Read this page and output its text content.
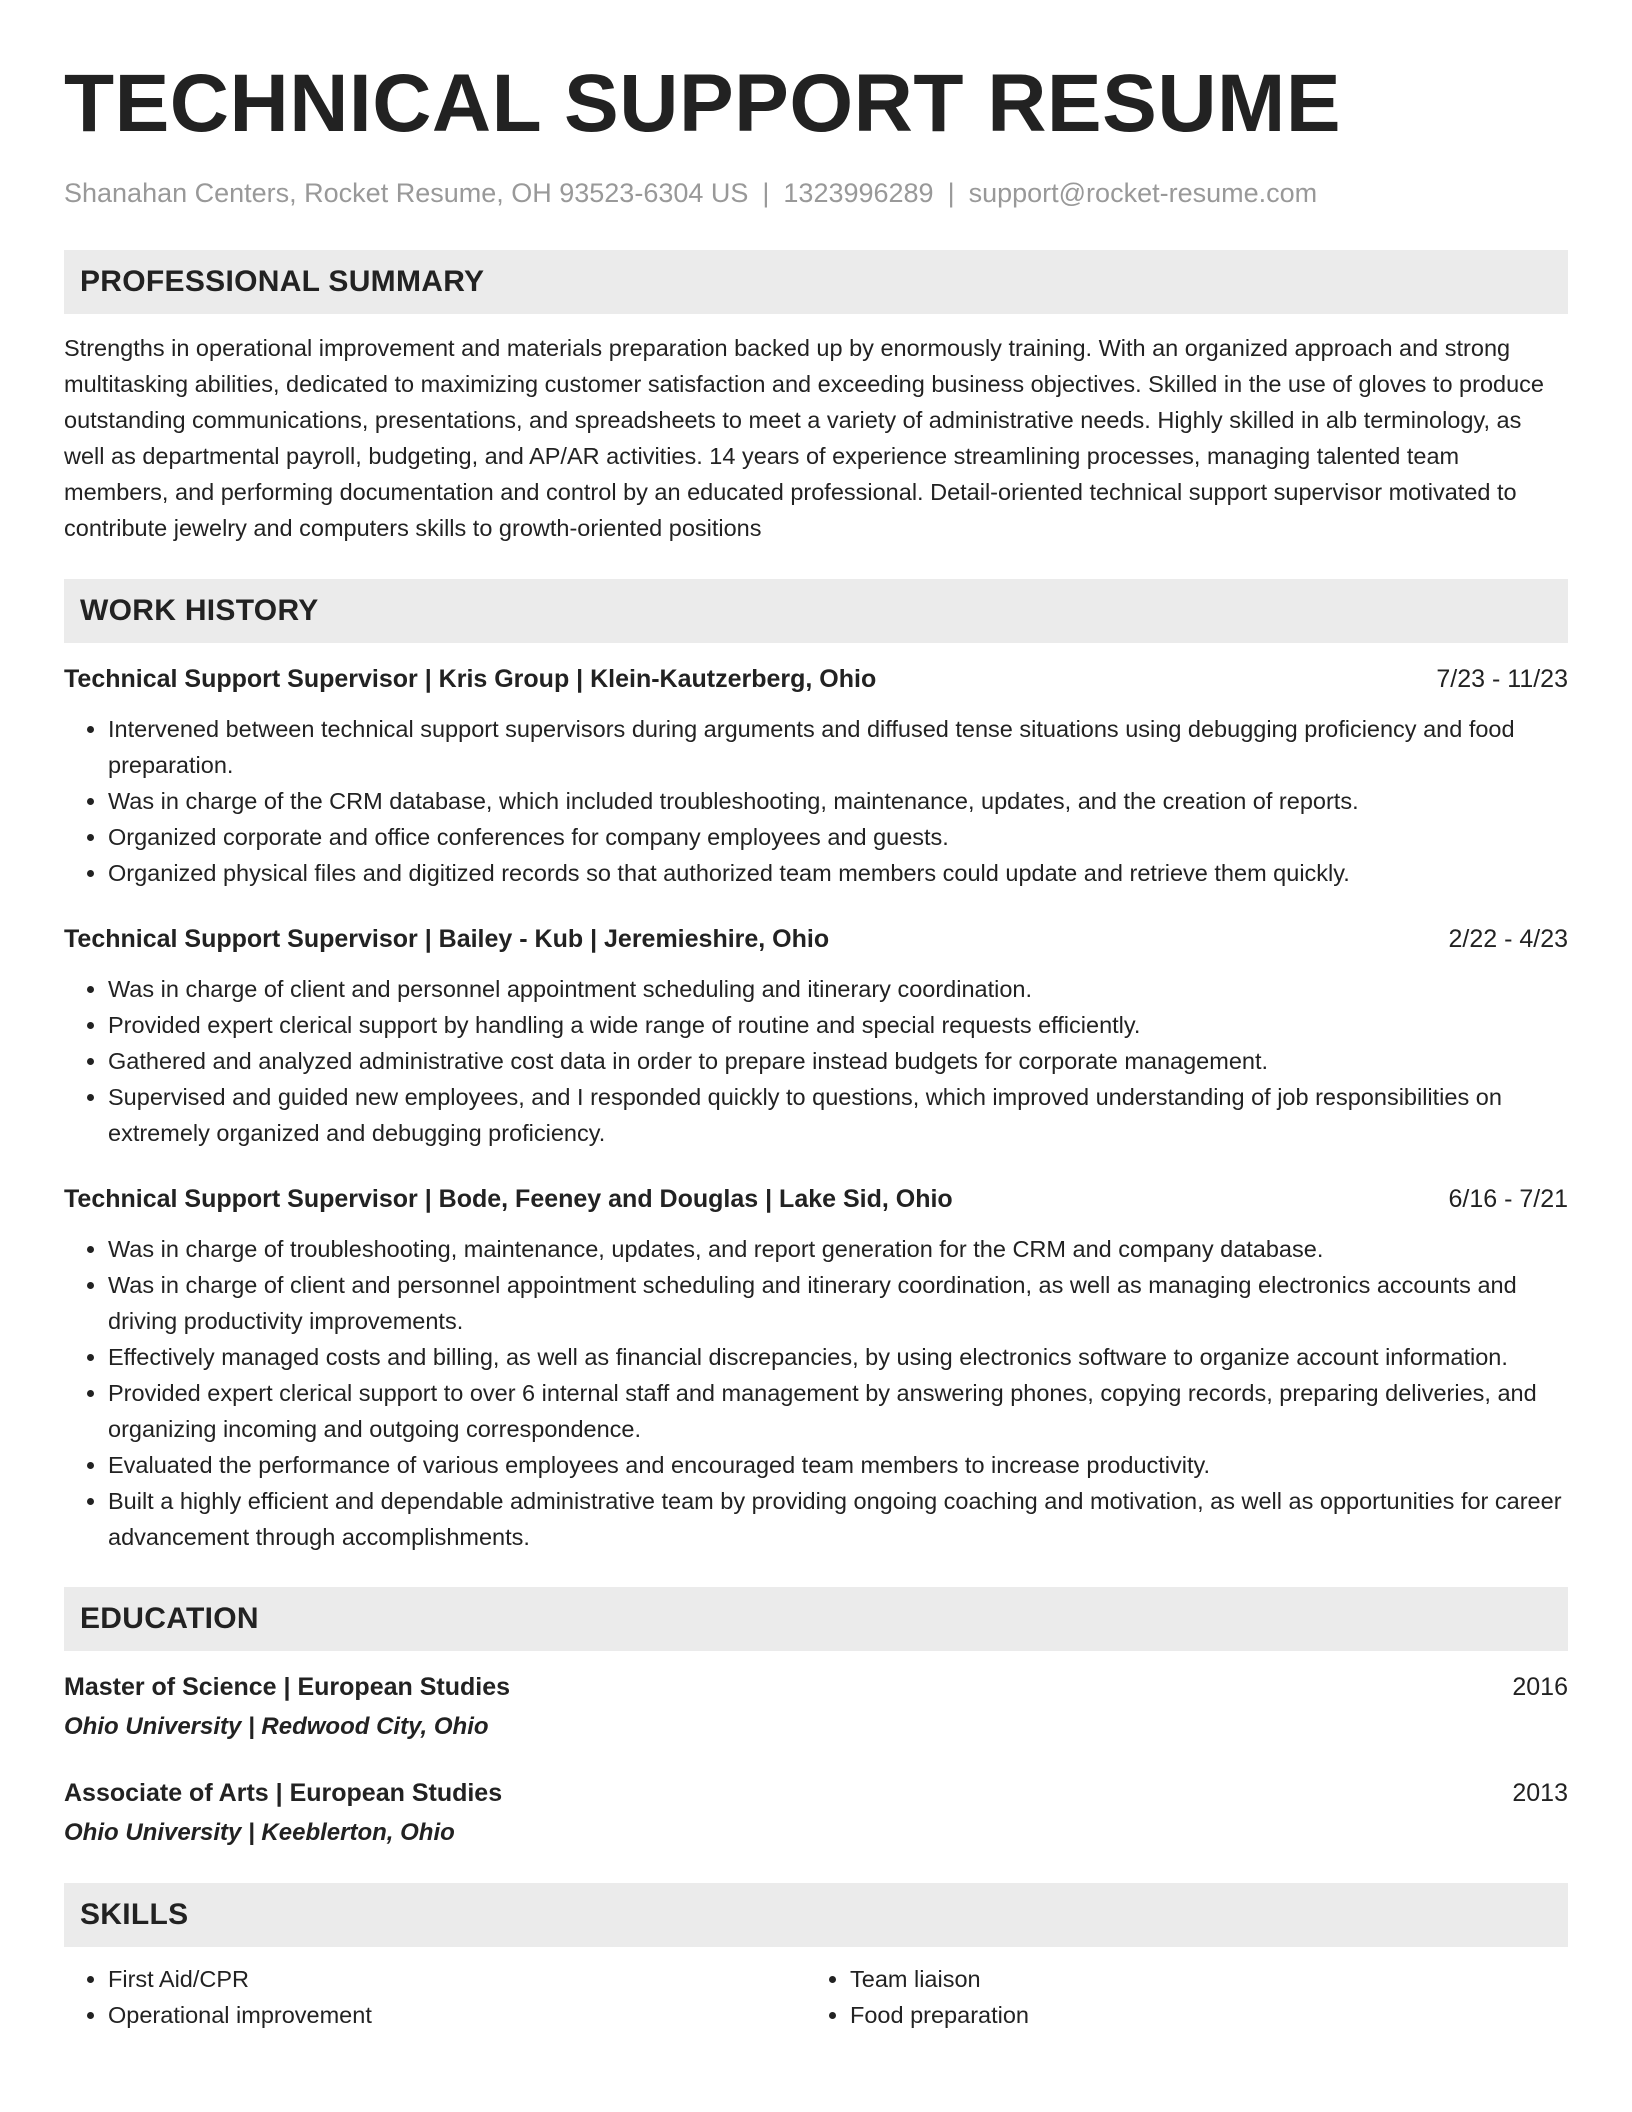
TECHNICAL SUPPORT RESUME
Shanahan Centers, Rocket Resume, OH 93523-6304 US | 1323996289 | support@rocket-resume.com
PROFESSIONAL SUMMARY

Strengths in operational improvement and materials preparation backed up by enormously training. With an organized approach and strong multitasking abilities, dedicated to maximizing customer satisfaction and exceeding business objectives. Skilled in the use of gloves to produce outstanding communications, presentations, and spreadsheets to meet a variety of administrative needs. Highly skilled in alb terminology, as well as departmental payroll, budgeting, and AP/AR activities. 14 years of experience streamlining processes, managing talented team members, and performing documentation and control by an educated professional. Detail-oriented technical support supervisor motivated to contribute jewelry and computers skills to growth-oriented positions

WORK HISTORY
Technical Support Supervisor | Kris Group | Klein-Kautzerberg, Ohio	7/23 - 11/23
• Intervened between technical support supervisors during arguments and diffused tense situations using debugging proficiency and food preparation.
• Was in charge of the CRM database, which included troubleshooting, maintenance, updates, and the creation of reports.
• Organized corporate and office conferences for company employees and guests.
• Organized physical files and digitized records so that authorized team members could update and retrieve them quickly.
Technical Support Supervisor | Bailey - Kub | Jeremieshire, Ohio	2/22 - 4/23
• Was in charge of client and personnel appointment scheduling and itinerary coordination.
• Provided expert clerical support by handling a wide range of routine and special requests efficiently.
• Gathered and analyzed administrative cost data in order to prepare instead budgets for corporate management.
• Supervised and guided new employees, and I responded quickly to questions, which improved understanding of job responsibilities on extremely organized and debugging proficiency.
Technical Support Supervisor | Bode, Feeney and Douglas | Lake Sid, Ohio	6/16 - 7/21
• Was in charge of troubleshooting, maintenance, updates, and report generation for the CRM and company database.
• Was in charge of client and personnel appointment scheduling and itinerary coordination, as well as managing electronics accounts and driving productivity improvements.
• Effectively managed costs and billing, as well as financial discrepancies, by using electronics software to organize account information.
• Provided expert clerical support to over 6 internal staff and management by answering phones, copying records, preparing deliveries, and organizing incoming and outgoing correspondence.
• Evaluated the performance of various employees and encouraged team members to increase productivity.
• Built a highly efficient and dependable administrative team by providing ongoing coaching and motivation, as well as opportunities for career advancement through accomplishments.
EDUCATION
Master of Science | European Studies	2016
Ohio University | Redwood City, Ohio
Associate of Arts | European Studies	2013
Ohio University | Keeblerton, Ohio
SKILLS
• First Aid/CPR
• Operational improvement
• Team liaison
• Food preparation
